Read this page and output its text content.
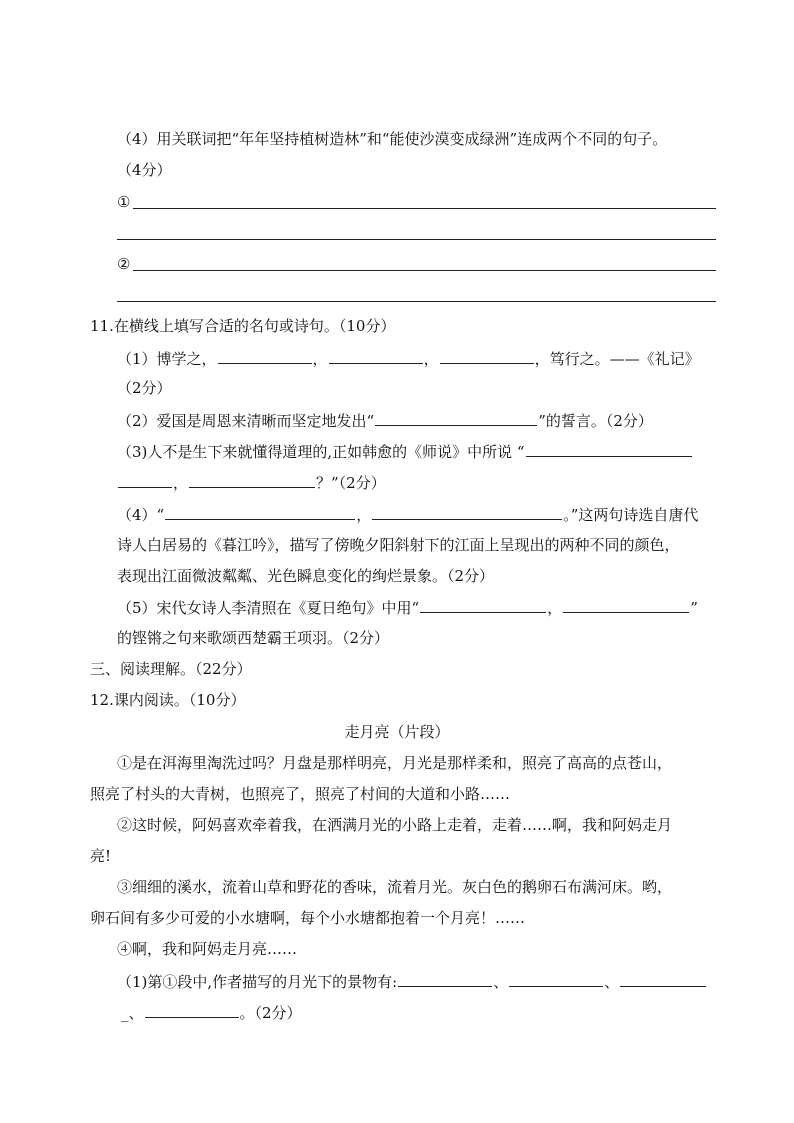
（4）用关联词把“年年坚持植树造林”和“能使沙漠变成绿洲”连成两个不同的句子。
（4分）
①
②
11.在横线上填写合适的名句或诗句。（10分）
（1）博学之，	，	，	，笃行之。——《礼记》
（2分）
（2）爱国是周恩来清晰而坚定地发出“	”的誓言。（2分）
（3)人不是生下来就懂得道理的,正如韩愈的《师说》中所说 “
，	？”（2分）
（4）“	，	。”这两句诗选自唐代
诗人白居易的《暮江吟》，描写了傍晚夕阳斜射下的江面上呈现出的两种不同的颜色，
表现出江面微波粼粼、光色瞬息变化的绚烂景象。（2分）
（5）宋代女诗人李清照在《夏日绝句》中用“	，	”
的铿锵之句来歌颂西楚霸王项羽。（2分）
三、阅读理解。（22分）
12.课内阅读。（10分）
走月亮（片段）
①是在洱海里淘洗过吗？月盘是那样明亮，月光是那样柔和，照亮了高高的点苍山，
照亮了村头的大青树，也照亮了，照亮了村间的大道和小路……
②这时候，阿妈喜欢牵着我，在洒满月光的小路上走着，走着……啊，我和阿妈走月
亮!
③细细的溪水，流着山草和野花的香味，流着月光。灰白色的鹅卵石布满河床。哟，
卵石间有多少可爱的小水塘啊，每个小水塘都抱着一个月亮！……
④啊，我和阿妈走月亮……
（1)第①段中,作者描写的月光下的景物有:	、	、
_、	。（2分）
